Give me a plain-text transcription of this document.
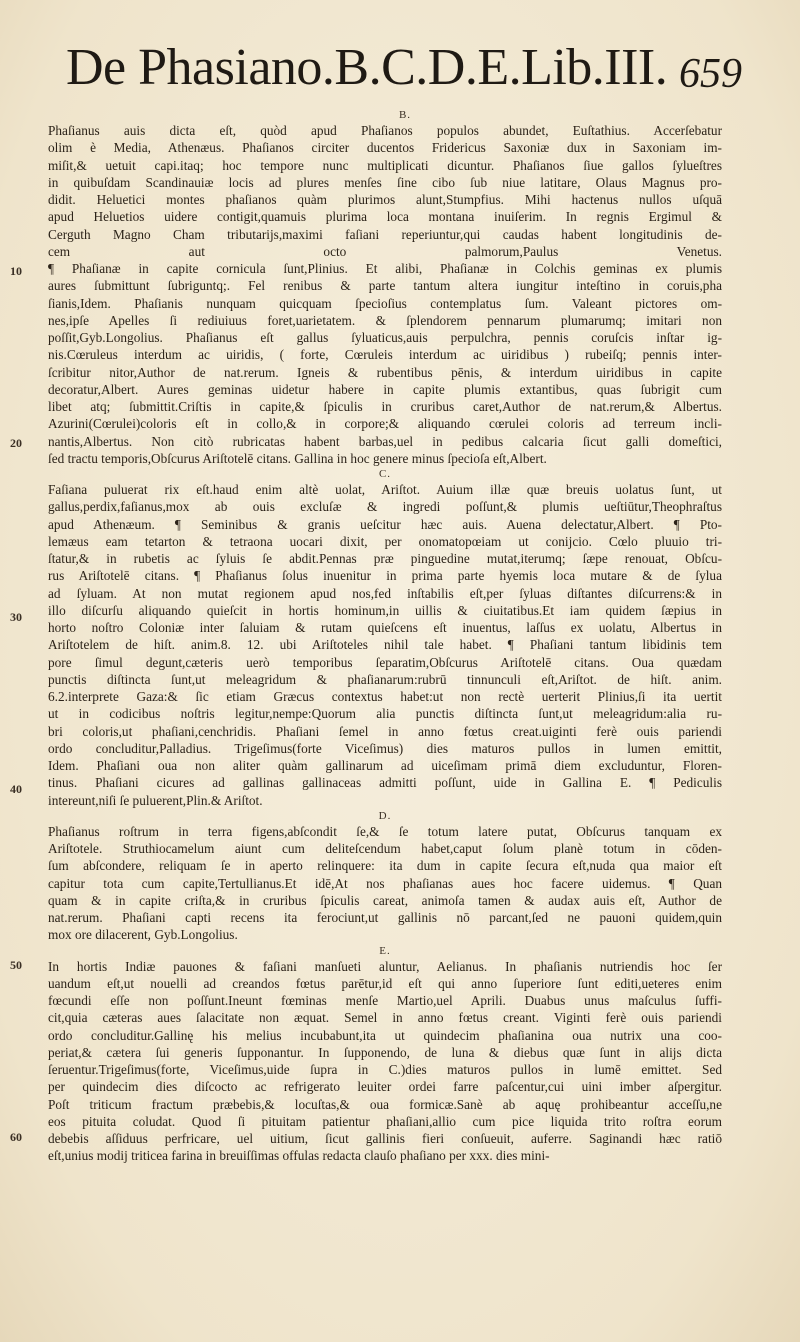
De Phasiano.B.C.D.E.Lib.III. 659
10
20
30
40
50
60
B.
Phaſianus auis dicta eſt, quòd apud Phaſianos populos abundet, Euſtathius. Accerſebatur
olim è Media, Athenæus. Phaſianos circiter ducentos Fridericus Saxoniæ dux in Saxoniam im-
miſit,& uetuit capi.itaq; hoc tempore nunc multiplicati dicuntur. Phaſianos ſiue gallos ſylueſtres
in quibuſdam Scandinauiæ locis ad plures menſes ſine cibo ſub niue latitare, Olaus Magnus pro-
didit. Heluetici montes phaſianos quàm plurimos alunt,Stumpfius. Mihi hactenus nullos uſquā
apud Heluetios uidere contigit,quamuis plurima loca montana inuiſerim. In regnis Ergimul &
Cerguth Magno Cham tributarijs,maximi faſiani reperiuntur,qui caudas habent longitudinis de-
cem aut octo palmorum,Paulus Venetus.
¶ Phaſianæ in capite cornicula ſunt,Plinius. Et alibi, Phaſianæ in Colchis geminas ex plumis
aures ſubmittunt ſubriguntq;. Fel renibus & parte tantum altera iungitur inteſtino in coruis,pha
ſianis,Idem. Phaſianis nunquam quicquam ſpecioſius contemplatus ſum. Valeant pictores om-
nes,ipſe Apelles ſi rediuiuus foret,uarietatem. & ſplendorem pennarum plumarumq; imitari non
poſſit,Gyb.Longolius. Phaſianus eſt gallus ſyluaticus,auis perpulchra, pennis coruſcis inſtar ig-
nis.Cœruleus interdum ac uiridis, ( forte, Cœruleis interdum ac uiridibus ) rubeiſq; pennis inter-
ſcribitur nitor,Author de nat.rerum. Igneis & rubentibus pēnis, & interdum uiridibus in capite
decoratur,Albert. Aures geminas uidetur habere in capite plumis extantibus, quas ſubrigit cum
libet atq; ſubmittit.Criſtis in capite,& ſpiculis in cruribus caret,Author de nat.rerum,& Albertus.
Azurini(Cœrulei)coloris eſt in collo,& in corpore;& aliquando cœrulei coloris ad terreum incli-
nantis,Albertus. Non citò rubricatas habent barbas,uel in pedibus calcaria ſicut galli domeſtici,
ſed tractu temporis,Obſcurus Ariſtotelē citans. Gallina in hoc genere minus ſpecioſa eſt,Albert.
C.
Faſiana puluerat rix eſt.haud enim altè uolat, Ariſtot. Auium illæ quæ breuis uolatus ſunt, ut
gallus,perdix,faſianus,mox ab ouis excluſæ & ingredi poſſunt,& plumis ueſtiūtur,Theophraſtus
apud Athenæum. ¶ Seminibus & granis ueſcitur hæc auis. Auena delectatur,Albert. ¶ Pto-
lemæus eam tetarton & tetraona uocari dixit, per onomatopœiam ut conijcio. Cœlo pluuio tri-
ſtatur,& in rubetis ac ſyluis ſe abdit.Pennas præ pinguedine mutat,iterumq; ſæpe renouat, Obſcu-
rus Ariſtotelē citans. ¶ Phaſianus ſolus inuenitur in prima parte hyemis loca mutare & de ſylua
ad ſyluam. At non mutat regionem apud nos,fed inſtabilis eſt,per ſyluas diſtantes diſcurrens:& in
illo diſcurſu aliquando quieſcit in hortis hominum,in uillis & ciuitatibus.Et iam quidem ſæpius in
horto noſtro Coloniæ inter ſaluiam & rutam quieſcens eſt inuentus, laſſus ex uolatu, Albertus in
Ariſtotelem de hiſt. anim.8. 12. ubi Ariſtoteles nihil tale habet. ¶ Phaſiani tantum libidinis tem
pore ſimul degunt,cæteris uerò temporibus ſeparatim,Obſcurus Ariſtotelē citans. Oua quædam
punctis diſtincta ſunt,ut meleagridum & phaſianarum:rubrū tinnunculi eſt,Ariſtot. de hiſt. anim.
6.2.interprete Gaza:& ſic etiam Græcus contextus habet:ut non rectè uerterit Plinius,ſi ita uertit
ut in codicibus noſtris legitur,nempe:Quorum alia punctis diſtincta ſunt,ut meleagridum:alia ru-
bri coloris,ut phaſiani,cenchridis. Phaſiani ſemel in anno fœtus creat.uiginti ferè ouis pariendi
ordo concluditur,Palladius. Trigeſimus(forte Viceſimus) dies maturos pullos in lumen emittit,
Idem. Phaſiani oua non aliter quàm gallinarum ad uiceſimam primā diem excluduntur, Floren-
tinus. Phaſiani cicures ad gallinas gallinaceas admitti poſſunt, uide in Gallina E. ¶ Pediculis
intereunt,niſi ſe puluerent,Plin.& Ariſtot.
D.
Phaſianus roſtrum in terra figens,abſcondit ſe,& ſe totum latere putat, Obſcurus tanquam ex
Ariſtotele. Struthiocamelum aiunt cum deliteſcendum habet,caput ſolum planè totum in cōden-
ſum abſcondere, reliquam ſe in aperto relinquere: ita dum in capite ſecura eſt,nuda qua maior eſt
capitur tota cum capite,Tertullianus.Et idē,At nos phaſianas aues hoc facere uidemus. ¶ Quan
quam & in capite criſta,& in cruribus ſpiculis careat, animoſa tamen & audax auis eſt, Author de
nat.rerum. Phaſiani capti recens ita ferociunt,ut gallinis nō parcant,ſed ne pauoni quidem,quin
mox ore dilacerent, Gyb.Longolius.
E.
In hortis Indiæ pauones & faſiani manſueti aluntur, Aelianus. In phaſianis nutriendis hoc ſer
uandum eſt,ut nouelli ad creandos fœtus parētur,id eſt qui anno ſuperiore ſunt editi,ueteres enim
fœcundi eſſe non poſſunt.Ineunt fœminas menſe Martio,uel Aprili. Duabus unus maſculus ſuffi-
cit,quia cæteras aues ſalacitate non æquat. Semel in anno fœtus creant. Viginti ferè ouis pariendi
ordo concluditur.Gallinę his melius incubabunt,ita ut quindecim phaſianina oua nutrix una coo-
periat,& cætera ſui generis ſupponantur. In ſupponendo, de luna & diebus quæ ſunt in alijs dicta
ſeruentur.Trigeſimus(forte, Viceſimus,uide ſupra in C.)dies maturos pullos in lumē emittet. Sed
per quindecim dies diſcocto ac refrigerato leuiter ordei farre paſcentur,cui uini imber aſpergitur.
Poſt triticum fractum præbebis,& locuſtas,& oua formicæ.Sanè ab aquę prohibeantur acceſſu,ne
eos pituita coludat. Quod ſi pituitam patientur phaſiani,allio cum pice liquida trito roſtra eorum
debebis aſſiduus perfricare, uel uitium, ſicut gallinis fieri conſueuit, auferre. Saginandi hæc ratiō
eſt,unius modij triticea farina in breuiſſimas offulas redacta clauſo phaſiano per xxx. dies mini-
